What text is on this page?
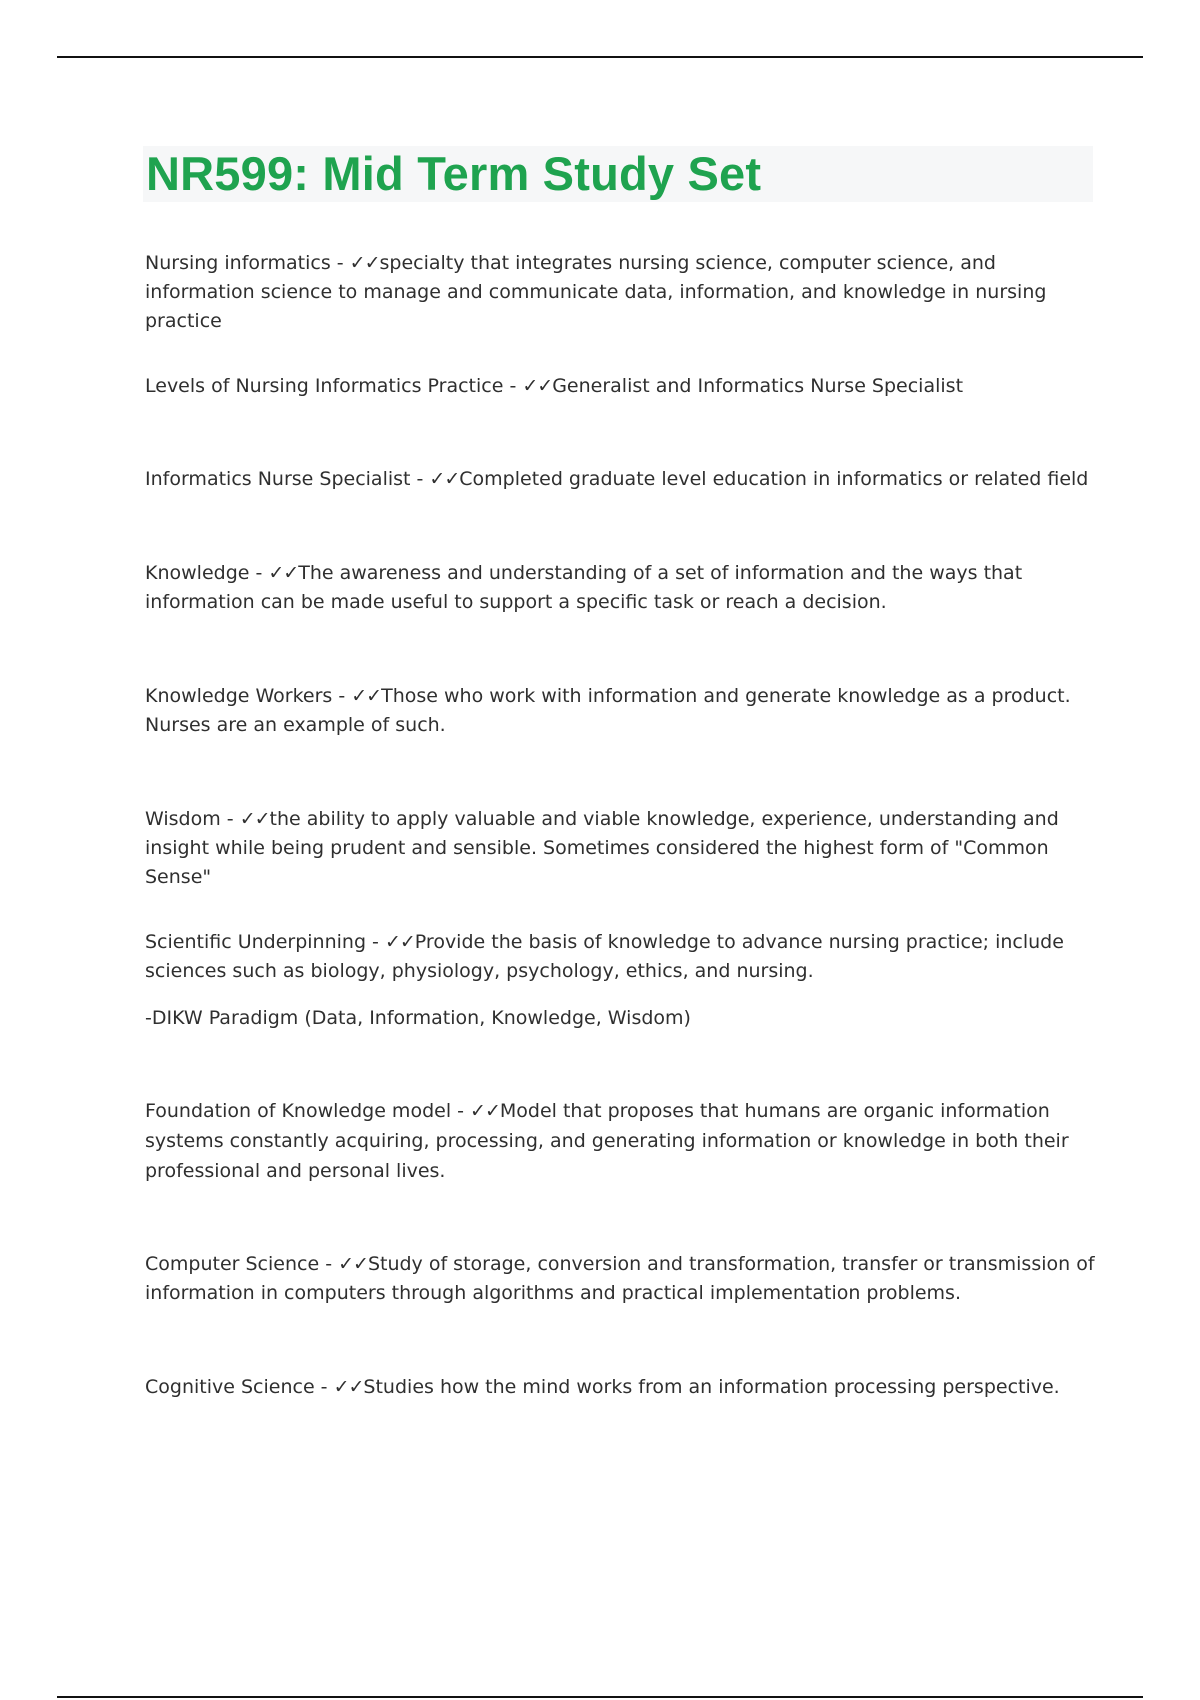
NR599: Mid Term Study Set

Nursing informatics - ✓✓specialty that integrates nursing science, computer science, and information science to manage and communicate data, information, and knowledge in nursing practice

Levels of Nursing Informatics Practice - ✓✓Generalist and Informatics Nurse Specialist

Informatics Nurse Specialist - ✓✓Completed graduate level education in informatics or related field

Knowledge - ✓✓The awareness and understanding of a set of information and the ways that information can be made useful to support a specific task or reach a decision.

Knowledge Workers - ✓✓Those who work with information and generate knowledge as a product. Nurses are an example of such.

Wisdom - ✓✓the ability to apply valuable and viable knowledge, experience, understanding and insight while being prudent and sensible. Sometimes considered the highest form of "Common Sense"

Scientific Underpinning - ✓✓Provide the basis of knowledge to advance nursing practice; include sciences such as biology, physiology, psychology, ethics, and nursing.

-DIKW Paradigm (Data, Information, Knowledge, Wisdom)

Foundation of Knowledge model - ✓✓Model that proposes that humans are organic information systems constantly acquiring, processing, and generating information or knowledge in both their professional and personal lives.

Computer Science - ✓✓Study of storage, conversion and transformation, transfer or transmission of information in computers through algorithms and practical implementation problems.

Cognitive Science - ✓✓Studies how the mind works from an information processing perspective.
